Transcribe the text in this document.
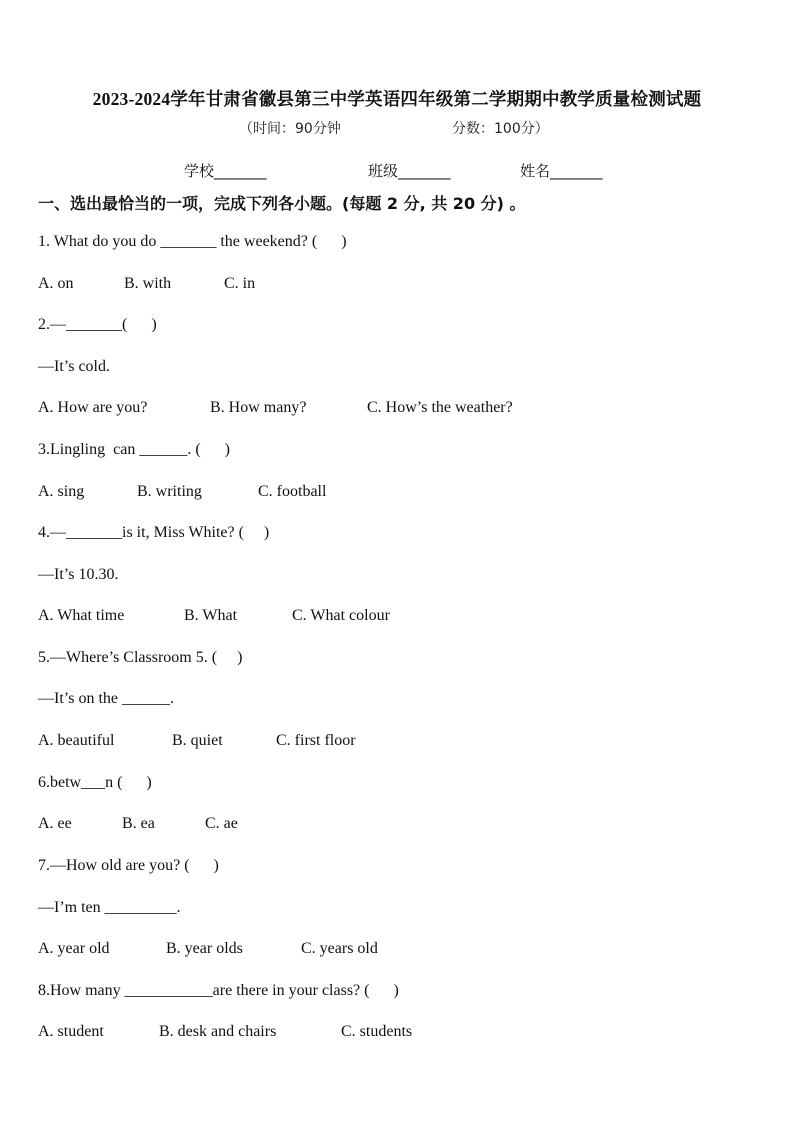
2023-2024学年甘肃省徽县第三中学英语四年级第二学期期中教学质量检测试题
（时间：90分钟	分数：100分）
学校_______	班级_______	姓名_______
一、选出最恰当的一项，完成下列各小题。(每题 2 分, 共 20 分) 。
1. What do you do _______ the weekend? (      )
A. on	B. with	C. in
2.—_______(      )
—It’s cold.
A. How are you?	B. How many?	C. How’s the weather?
3.Lingling  can ______. (      )
A. sing	B. writing	C. football
4.—_______is it, Miss White? (     )
—It’s 10.30.
A. What time	B. What	C. What colour
5.—Where’s Classroom 5. (     )
—It’s on the ______.
A. beautiful	B. quiet	C. first floor
6.betw___n (      )
A. ee	B. ea	C. ae
7.—How old are you? (      )
—I’m ten _________.
A. year old	B. year olds	C. years old
8.How many ___________are there in your class? (      )
A. student	B. desk and chairs	C. students
